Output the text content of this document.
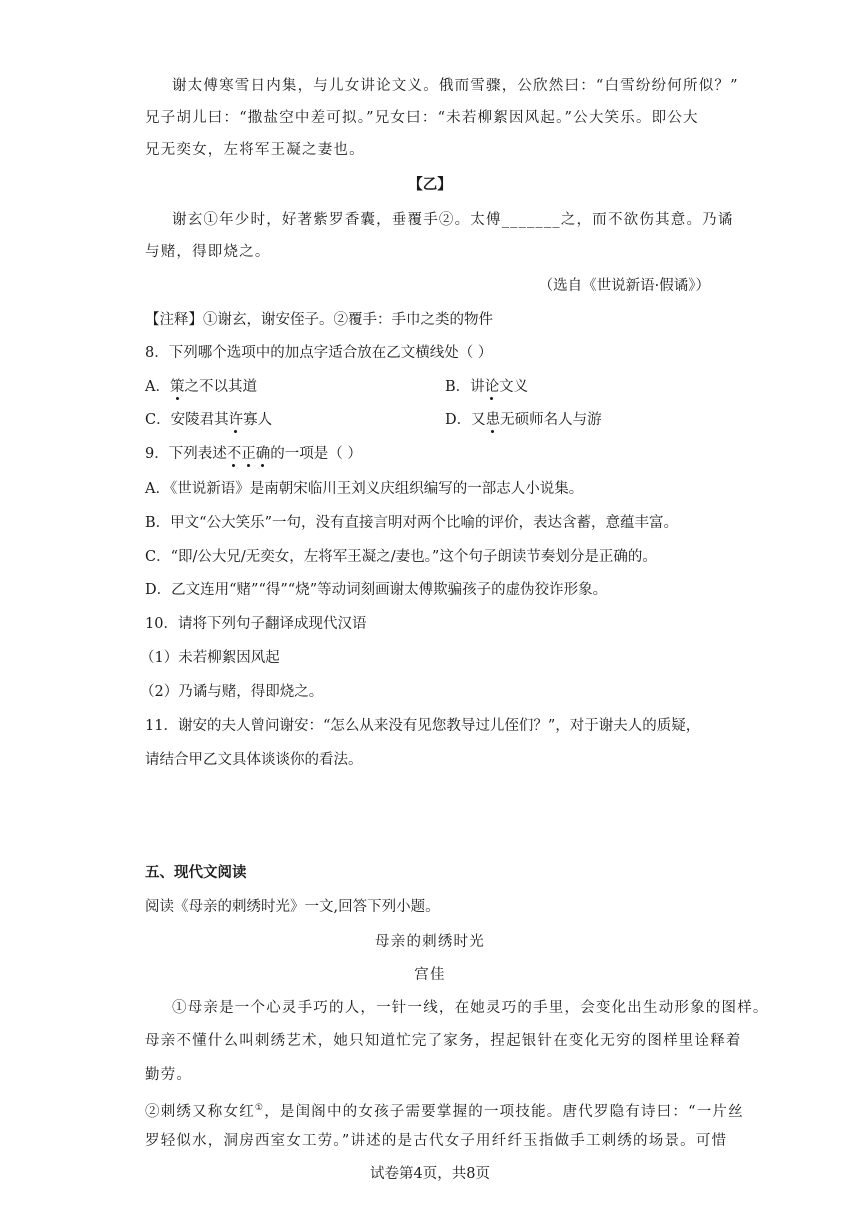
谢太傅寒雪日内集，与儿女讲论文义。俄而雪骤，公欣然曰：“白雪纷纷何所似？”
兄子胡儿曰：“撒盐空中差可拟。”兄女曰：“未若柳絮因风起。”公大笑乐。即公大
兄无奕女，左将军王凝之妻也。
【乙】
谢玄①年少时，好著紫罗香囊，垂覆手②。太傅_______之，而不欲伤其意。乃谲
与赌，得即烧之。
（选自《世说新语·假谲》）
【注释】①谢玄，谢安侄子。②覆手：手巾之类的物件
8．下列哪个选项中的加点字适合放在乙文横线处（ ）
A．策之不以其道	B．讲论文义
C．安陵君其许寡人	D．又患无硕师名人与游
9．下列表述不正确的一项是（ ）
A．《世说新语》是南朝宋临川王刘义庆组织编写的一部志人小说集。
B．甲文“公大笑乐”一句，没有直接言明对两个比喻的评价，表达含蓄，意蕴丰富。
C．“即/公大兄/无奕女，左将军王凝之/妻也。”这个句子朗读节奏划分是正确的。
D．乙文连用“赌”“得”“烧”等动词刻画谢太傅欺骗孩子的虚伪狡诈形象。
10．请将下列句子翻译成现代汉语
（1）未若柳絮因风起
（2）乃谲与赌，得即烧之。
11．谢安的夫人曾问谢安：“怎么从来没有见您教导过儿侄们？”，对于谢夫人的质疑，
请结合甲乙文具体谈谈你的看法。
五、现代文阅读
阅读《母亲的刺绣时光》一文,回答下列小题。
母亲的刺绣时光
宫佳
①母亲是一个心灵手巧的人，一针一线，在她灵巧的手里，会变化出生动形象的图样。
母亲不懂什么叫刺绣艺术，她只知道忙完了家务，捏起银针在变化无穷的图样里诠释着
勤劳。
②刺绣又称女红①，是闺阁中的女孩子需要掌握的一项技能。唐代罗隐有诗曰：“一片丝
罗轻似水，洞房西室女工劳。”讲述的是古代女子用纤纤玉指做手工刺绣的场景。可惜
试卷第4页，共8页
